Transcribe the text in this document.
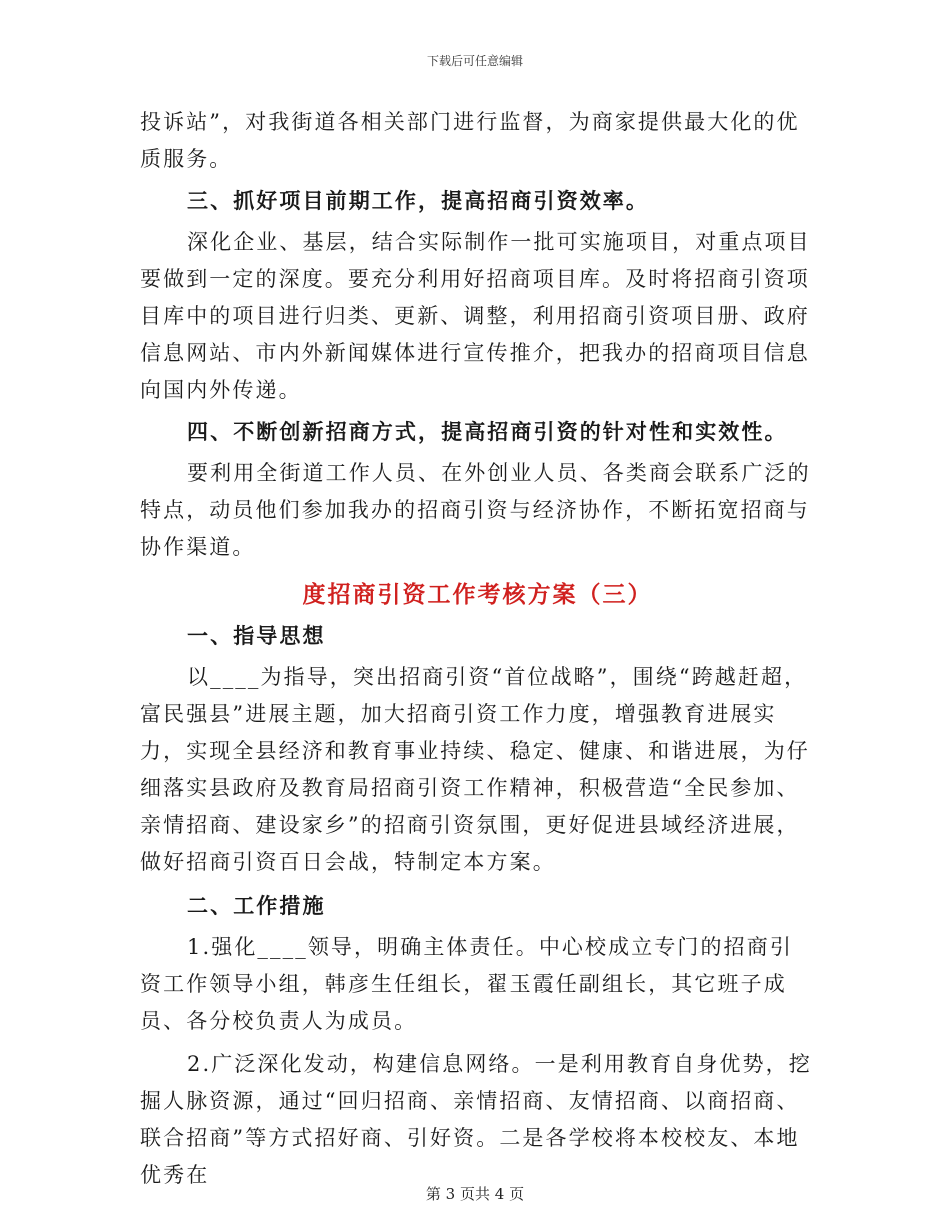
下载后可任意编辑

投诉站”，对我街道各相关部门进行监督，为商家提供最大化的优质服务。

三、抓好项目前期工作，提高招商引资效率。

深化企业、基层，结合实际制作一批可实施项目，对重点项目要做到一定的深度。要充分利用好招商项目库。及时将招商引资项目库中的项目进行归类、更新、调整，利用招商引资项目册、政府信息网站、市内外新闻媒体进行宣传推介，把我办的招商项目信息向国内外传递。

四、不断创新招商方式，提高招商引资的针对性和实效性。

要利用全街道工作人员、在外创业人员、各类商会联系广泛的特点，动员他们参加我办的招商引资与经济协作，不断拓宽招商与协作渠道。

度招商引资工作考核方案（三）

一、指导思想

以____为指导，突出招商引资“首位战略”，围绕“跨越赶超，富民强县”进展主题，加大招商引资工作力度，增强教育进展实力，实现全县经济和教育事业持续、稳定、健康、和谐进展，为仔细落实县政府及教育局招商引资工作精神，积极营造“全民参加、亲情招商、建设家乡”的招商引资氛围，更好促进县域经济进展，做好招商引资百日会战，特制定本方案。

二、工作措施

1.强化____领导，明确主体责任。中心校成立专门的招商引资工作领导小组，韩彦生任组长，翟玉霞任副组长，其它班子成员、各分校负责人为成员。

2.广泛深化发动，构建信息网络。一是利用教育自身优势，挖掘人脉资源，通过“回归招商、亲情招商、友情招商、以商招商、联合招商”等方式招好商、引好资。二是各学校将本校校友、本地优秀在

第 3 页共 4 页
